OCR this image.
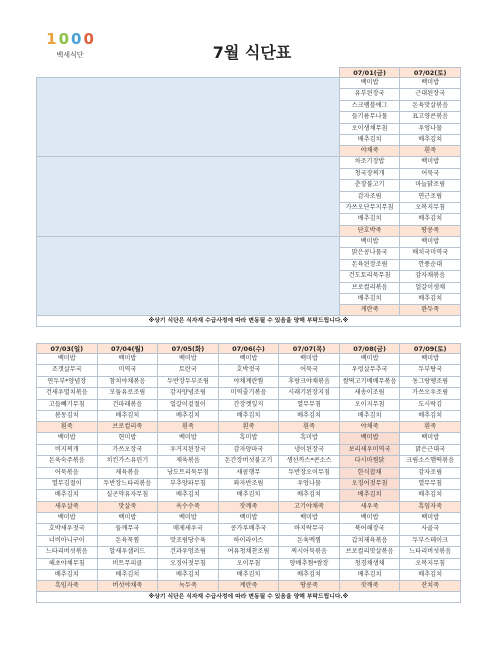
1 0 0 0
백세식단	7월 식단표
					07/01(금)	07/02(토)
					백미밥	백미밥
					유부된장국	근대된장국
					스크램블에그	돈육맛살볶음
					들기름무나물	표고영콘볶음
					오이생채무침	우엉나물
					배추김치	배추김치
					야채죽	흰죽
					차조기장밥	백미밥
					청국장찌개	어묵국
					춘장불고기	마늘닭조림
					감자조림	연근조림
					가쓰오단무지무침	오복지무침
					배추김치	배추김치
					단호박죽	땅콩죽
					백미밥	백미밥
					맑은콩나물국	배치국미역국
					돈육된장조림	깐풍순대
					건도토리묵무침	감자채볶음
					브로컬리볶음	얼갈이생채
					배추김치	배추김치
					게란죽	완두죽
※상기 식단은 식자재 수급사정에 따라 변동될 수 있음을 양해 부탁드립니다.※						
07/03(일)	07/04(월)	07/05(화)	07/06(수)	07/07(목)	07/08(금)	07/09(토)
백미밥	백미밥	백미밥	백미밥	백미밥	백미밥	백미밥
조갯살무국	미역국	토란국	호박젓국	어묵국	우렁살무추국	두부탕국
연두부*양념장	참치야채볶음	두반장두부조림	야채계란찜	후랑크야채볶음	쌀떡고기배배무볶음	동그랑땡조림
건새우멸치볶음	모둠유로조림	감자양념조림	미역줄기볶음	시래기된장지짐	새송이조림	가쓰오우조림
고들빼기무침	건파래볶음	얼갈이겉절이	간장깻잎지	열무무침	오이지무침	도시락김
봄동김치	배추김치	배추김치	배추김치	배추김치	배추김치	배추김치
흰죽	브로컬리죽	흰죽	흰죽	흰죽	야채죽	흰죽
백미밥	현미밥	백미밥	흑미밥	흑미밥	백미밥	백미밥
비지찌개	가쓰오장국	우거지된장국	감자양파국	냉이된장국	보리새우미역국	맑은근대국
돈육숙주볶음	치킨가스유린기	제육볶음	돈간장버섯불고기	생선까스*콘소스	다시마찜닭	크림소스햄떡볶음
어묵볶음	제육볶음	낭도트리묵무침	새콤행무	두반장오이무침	한식잡채	감자조림
열무김절이	두반장느타리볶음	부추양파무침	꽈자반조림	우엉나물	오징어젓무침	열무무침
배추김치	실곤약유자무침	배추김치	배추김치	배추김치	배추김치	배추김치
새우살죽	맛살죽	옥수수죽	잣깨죽	고기야채죽	새우죽	흑임자죽
백미밥	백미밥	백미밥	백미밥	백미밥	백미밥	백미밥
호박새우젓국	들깨무국	매제새우국	콩가루배추국	바지락무국	북어해장국	사골국
너비아니구이	돈육묵찜	맛조림당수육	하이라이스	돈육멕찜	갑치제육볶음	두부스테이크
느타리버섯볶음	알새우샐러드	건과우엉조림	여유청채찬조림	찌시어묵볶음	브로컬리맛살볶음	느타리버섯볶음
해초야채무침	비트무피클	오징어젓무침	오이무침	양배추찜*쌈장	청경채생채	오복지무침
배추김치	배추김치	배추김치	배추김치	배추김치	배추김치	배추김치
흑임자죽	버섯야채죽	녹두죽	계란죽	땅콩죽	잣깨죽	잔치죽
※상기 식단은 식자재 수급사정에 따라 변동될 수 있음을 양해 부탁드립니다.※						
